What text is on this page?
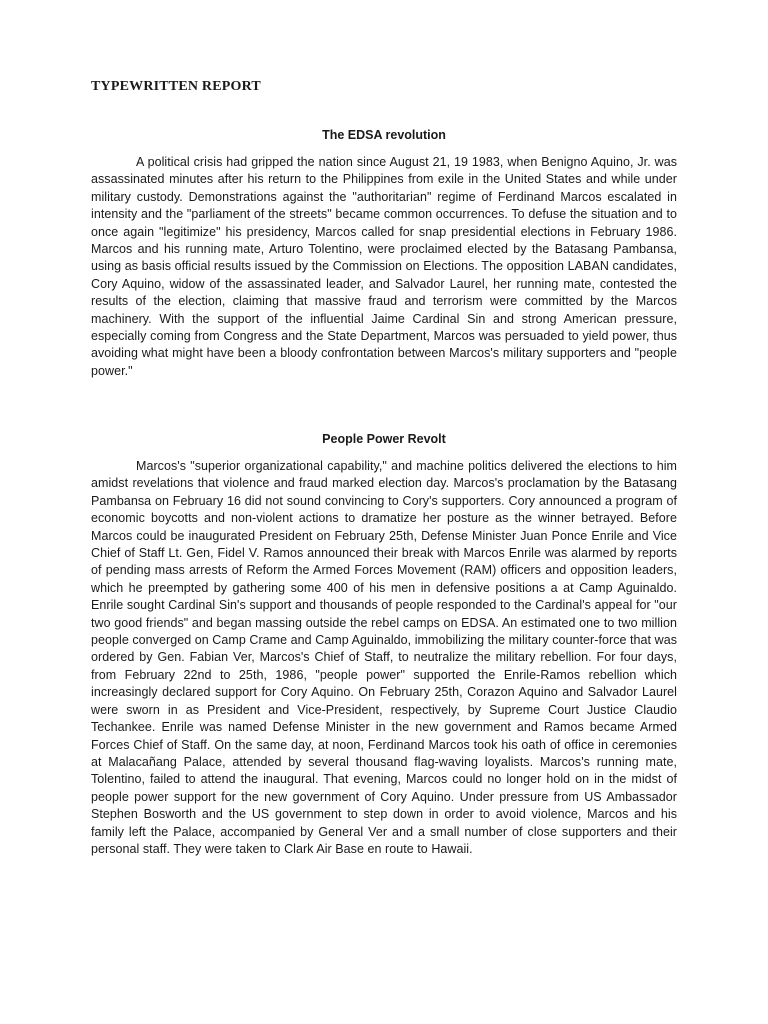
TYPEWRITTEN REPORT
The EDSA revolution

A political crisis had gripped the nation since August 21, 19 1983, when Benigno Aquino, Jr. was assassinated minutes after his return to the Philippines from exile in the United States and while under military custody. Demonstrations against the "authoritarian" regime of Ferdinand Marcos escalated in intensity and the "parliament of the streets" became common occurrences. To defuse the situation and to once again "legitimize" his presidency, Marcos called for snap presidential elections in February 1986. Marcos and his running mate, Arturo Tolentino, were proclaimed elected by the Batasang Pambansa, using as basis official results issued by the Commission on Elections. The opposition LABAN candidates, Cory Aquino, widow of the assassinated leader, and Salvador Laurel, her running mate, contested the results of the election, claiming that massive fraud and terrorism were committed by the Marcos machinery. With the support of the influential Jaime Cardinal Sin and strong American pressure, especially coming from Congress and the State Department, Marcos was persuaded to yield power, thus avoiding what might have been a bloody confrontation between Marcos's military supporters and "people power."

People Power Revolt

Marcos's "superior organizational capability," and machine politics delivered the elections to him amidst revelations that violence and fraud marked election day. Marcos's proclamation by the Batasang Pambansa on February 16 did not sound convincing to Cory's supporters. Cory announced a program of economic boycotts and non-violent actions to dramatize her posture as the winner betrayed. Before Marcos could be inaugurated President on February 25th, Defense Minister Juan Ponce Enrile and Vice Chief of Staff Lt. Gen, Fidel V. Ramos announced their break with Marcos Enrile was alarmed by reports of pending mass arrests of Reform the Armed Forces Movement (RAM) officers and opposition leaders, which he preempted by gathering some 400 of his men in defensive positions a at Camp Aguinaldo. Enrile sought Cardinal Sin's support and thousands of people responded to the Cardinal's appeal for "our two good friends" and began massing outside the rebel camps on EDSA. An estimated one to two million people converged on Camp Crame and Camp Aguinaldo, immobilizing the military counter-force that was ordered by Gen. Fabian Ver, Marcos's Chief of Staff, to neutralize the military rebellion. For four days, from February 22nd to 25th, 1986, "people power" supported the Enrile-Ramos rebellion which increasingly declared support for Cory Aquino. On February 25th, Corazon Aquino and Salvador Laurel were sworn in as President and Vice-President, respectively, by Supreme Court Justice Claudio Techankee. Enrile was named Defense Minister in the new government and Ramos became Armed Forces Chief of Staff. On the same day, at noon, Ferdinand Marcos took his oath of office in ceremonies at Malacañang Palace, attended by several thousand flag-waving loyalists. Marcos's running mate, Tolentino, failed to attend the inaugural. That evening, Marcos could no longer hold on in the midst of people power support for the new government of Cory Aquino. Under pressure from US Ambassador Stephen Bosworth and the US government to step down in order to avoid violence, Marcos and his family left the Palace, accompanied by General Ver and a small number of close supporters and their personal staff. They were taken to Clark Air Base en route to Hawaii.
